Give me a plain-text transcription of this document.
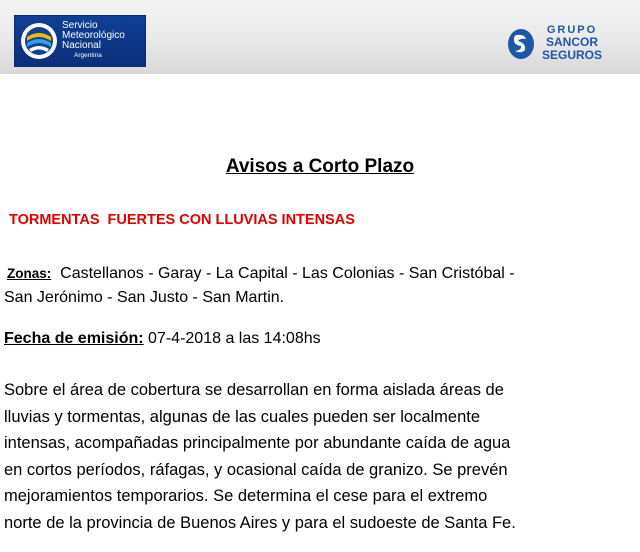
Servicio
Meteorológico
Nacional
Argentina
GRUPO
SANCOR
SEGUROS
Avisos a Corto Plazo
TORMENTAS  FUERTES CON LLUVIAS INTENSAS
Zonas: Castellanos - Garay - La Capital - Las Colonias - San Cristóbal -
San Jerónimo - San Justo - San Martin.
Fecha de emisión: 07-4-2018 a las 14:08hs
Sobre el área de cobertura se desarrollan en forma aislada áreas de
lluvias y tormentas, algunas de las cuales pueden ser localmente
intensas, acompañadas principalmente por abundante caída de agua
en cortos períodos, ráfagas, y ocasional caída de granizo. Se prevén
mejoramientos temporarios. Se determina el cese para el extremo
norte de la provincia de Buenos Aires y para el sudoeste de Santa Fe.
